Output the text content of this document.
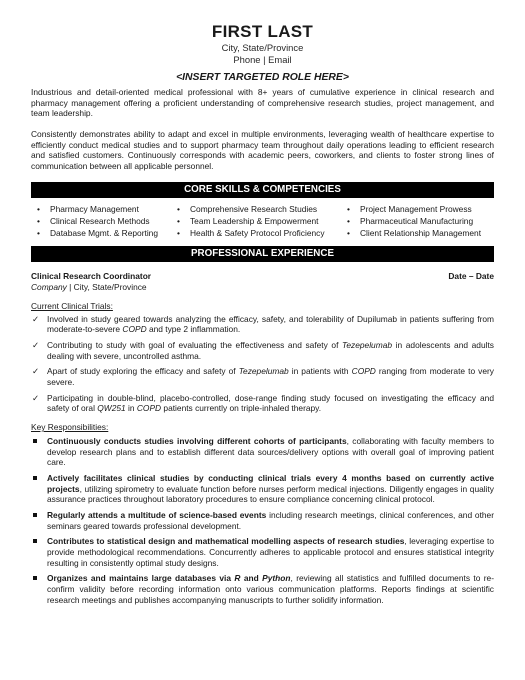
FIRST LAST
City, State/Province
Phone | Email
<INSERT TARGETED ROLE HERE>

Industrious and detail-oriented medical professional with 8+ years of cumulative experience in clinical research and pharmacy management offering a proficient understanding of comprehensive research studies, project management, and team leadership.

Consistently demonstrates ability to adapt and excel in multiple environments, leveraging wealth of healthcare expertise to efficiently conduct medical studies and to support pharmacy team throughout daily operations leading to efficient research and satisfied customers. Continuously corresponds with academic peers, coworkers, and clients to foster strong lines of communication between all applicable personnel.

CORE SKILLS & COMPETENCIES
• Pharmacy Management
• Clinical Research Methods
• Database Mgmt. & Reporting
• Comprehensive Research Studies
• Team Leadership & Empowerment
• Health & Safety Protocol Proficiency
• Project Management Prowess
• Pharmaceutical Manufacturing
• Client Relationship Management
PROFESSIONAL EXPERIENCE
Clinical Research Coordinator	Date – Date
Company | City, State/Province
Current Clinical Trials:
✓ Involved in study geared towards analyzing the efficacy, safety, and tolerability of Dupilumab in patients suffering from moderate-to-severe COPD and type 2 inflammation.
✓ Contributing to study with goal of evaluating the effectiveness and safety of Tezepelumab in adolescents and adults dealing with severe, uncontrolled asthma.
✓ Apart of study exploring the efficacy and safety of Tezepelumab in patients with COPD ranging from moderate to very severe.
✓ Participating in double-blind, placebo-controlled, dose-range finding study focused on investigating the efficacy and safety of oral QW251 in COPD patients currently on triple-inhaled therapy.
Key Responsibilities:
Continuously conducts studies involving different cohorts of participants, collaborating with faculty members to develop research plans and to establish different data sources/delivery options with overall goal of improving patient care.
Actively facilitates clinical studies by conducting clinical trials every 4 months based on currently active projects, utilizing spirometry to evaluate function before nurses perform medical injections. Diligently engages in quality assurance practices throughout laboratory procedures to ensure compliance concerning clinical protocol.
Regularly attends a multitude of science-based events including research meetings, clinical conferences, and other seminars geared towards professional development.
Contributes to statistical design and mathematical modelling aspects of research studies, leveraging expertise to provide methodological recommendations. Concurrently adheres to applicable protocol and ensures statistical integrity resulting in consistently optimal study designs.
Organizes and maintains large databases via R and Python, reviewing all statistics and fulfilled documents to re-confirm validity before recording information onto various communication platforms. Reports findings at scientific research meetings and publishes accompanying manuscripts to further solidify information.
